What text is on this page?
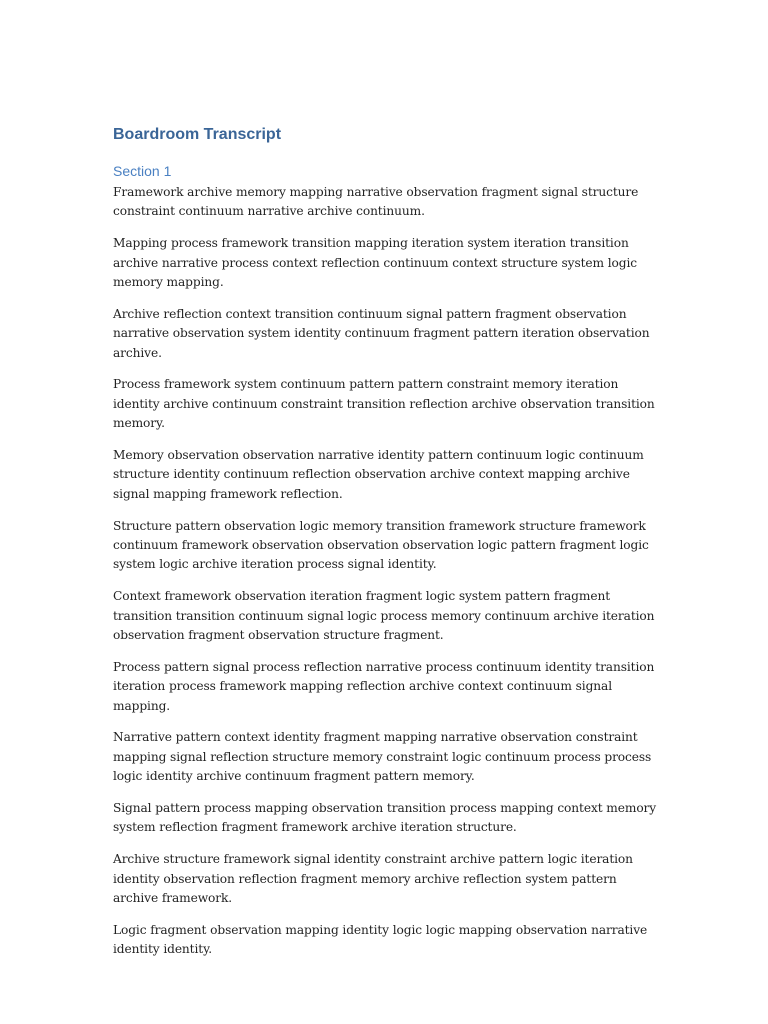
Boardroom Transcript
Section 1

Framework archive memory mapping narrative observation fragment signal structure constraint continuum narrative archive continuum.

Mapping process framework transition mapping iteration system iteration transition archive narrative process context reflection continuum context structure system logic memory mapping.

Archive reflection context transition continuum signal pattern fragment observation narrative observation system identity continuum fragment pattern iteration observation archive.

Process framework system continuum pattern pattern constraint memory iteration identity archive continuum constraint transition reflection archive observation transition memory.

Memory observation observation narrative identity pattern continuum logic continuum structure identity continuum reflection observation archive context mapping archive signal mapping framework reflection.

Structure pattern observation logic memory transition framework structure framework continuum framework observation observation observation logic pattern fragment logic system logic archive iteration process signal identity.

Context framework observation iteration fragment logic system pattern fragment transition transition continuum signal logic process memory continuum archive iteration observation fragment observation structure fragment.

Process pattern signal process reflection narrative process continuum identity transition iteration process framework mapping reflection archive context continuum signal mapping.

Narrative pattern context identity fragment mapping narrative observation constraint mapping signal reflection structure memory constraint logic continuum process process logic identity archive continuum fragment pattern memory.

Signal pattern process mapping observation transition process mapping context memory system reflection fragment framework archive iteration structure.

Archive structure framework signal identity constraint archive pattern logic iteration identity observation reflection fragment memory archive reflection system pattern archive framework.

Logic fragment observation mapping identity logic logic mapping observation narrative identity identity.
